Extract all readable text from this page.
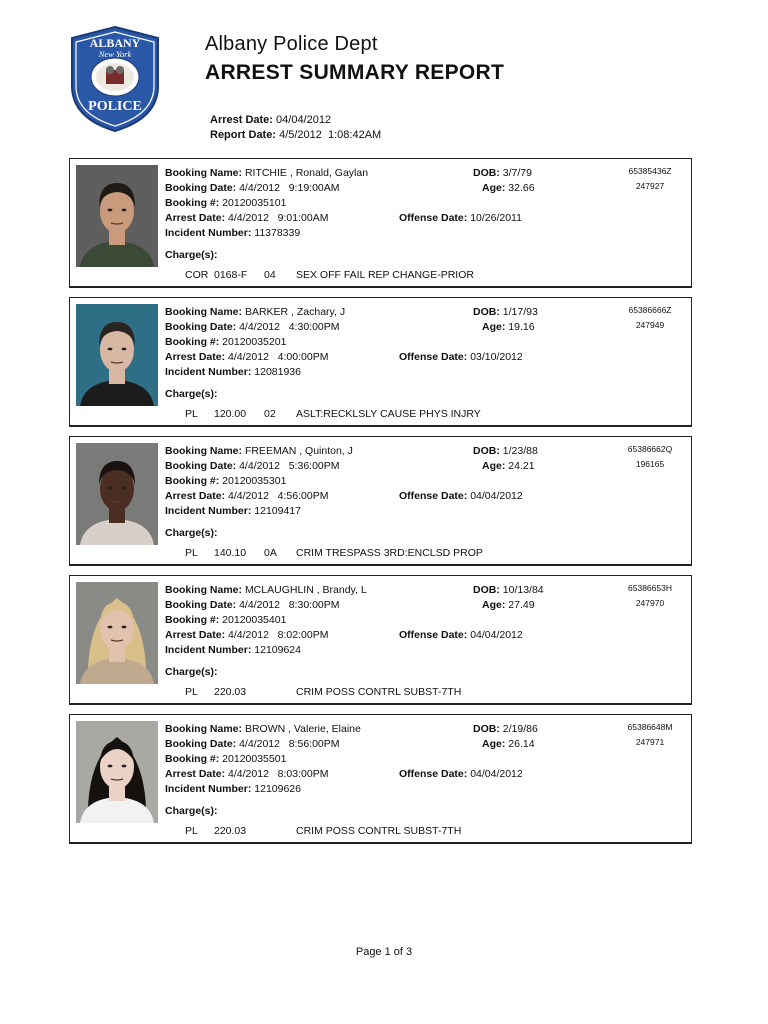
ALBANY
New York
POLICE
Albany Police Dept
ARREST SUMMARY REPORT
Arrest Date: 04/04/2012
Report Date: 4/5/2012  1:08:42AM
Booking Name: RITCHIE , Ronald, Gaylan
Booking Date: 4/4/2012   9:19:00AM
Booking #: 20120035101
Arrest Date: 4/4/2012   9:01:00AM
Incident Number: 11378339
Charge(s):
Offense Date: 10/26/2011
DOB: 3/7/79
Age: 32.66
65385436Z
247927
COR 0168-F 04 SEX OFF FAIL REP CHANGE-PRIOR
Booking Name: BARKER , Zachary, J
Booking Date: 4/4/2012   4:30:00PM
Booking #: 20120035201
Arrest Date: 4/4/2012   4:00:00PM
Incident Number: 12081936
Charge(s):
Offense Date: 03/10/2012
DOB: 1/17/93
Age: 19.16
65386666Z
247949
PL 120.00 02 ASLT:RECKLSLY CAUSE PHYS INJRY
Booking Name: FREEMAN , Quinton, J
Booking Date: 4/4/2012   5:36:00PM
Booking #: 20120035301
Arrest Date: 4/4/2012   4:56:00PM
Incident Number: 12109417
Charge(s):
Offense Date: 04/04/2012
DOB: 1/23/88
Age: 24.21
65386662Q
196165
PL 140.10 0A CRIM TRESPASS 3RD:ENCLSD PROP
Booking Name: MCLAUGHLIN , Brandy, L
Booking Date: 4/4/2012   8:30:00PM
Booking #: 20120035401
Arrest Date: 4/4/2012   8:02:00PM
Incident Number: 12109624
Charge(s):
Offense Date: 04/04/2012
DOB: 10/13/84
Age: 27.49
65386653H
247970
PL 220.03	CRIM POSS CONTRL SUBST-7TH
Booking Name: BROWN , Valerie, Elaine
Booking Date: 4/4/2012   8:56:00PM
Booking #: 20120035501
Arrest Date: 4/4/2012   8:03:00PM
Incident Number: 12109626
Charge(s):
Offense Date: 04/04/2012
DOB: 2/19/86
Age: 26.14
65386648M
247971
PL 220.03	CRIM POSS CONTRL SUBST-7TH
Page 1 of 3
